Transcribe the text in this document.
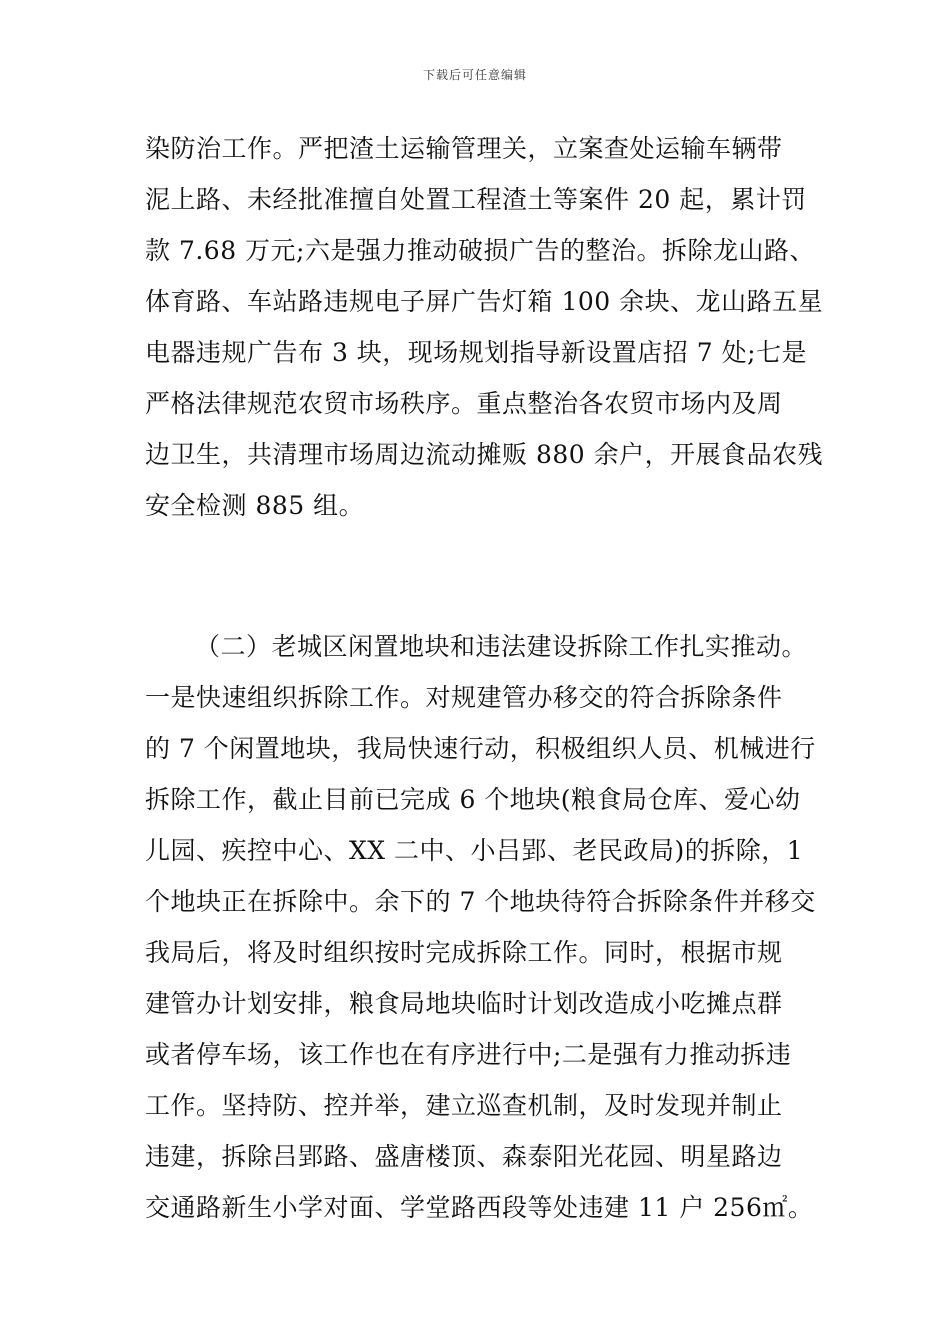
下载后可任意编辑
染防治工作。严把渣土运输管理关，立案查处运输车辆带
泥上路、未经批准擅自处置工程渣土等案件 20 起，累计罚
款 7.68 万元;六是强力推动破损广告的整治。拆除龙山路、
体育路、车站路违规电子屏广告灯箱 100 余块、龙山路五星
电器违规广告布 3 块，现场规划指导新设置店招 7 处;七是
严格法律规范农贸市场秩序。重点整治各农贸市场内及周
边卫生，共清理市场周边流动摊贩 880 余户，开展食品农残
安全检测 885 组。
（二）老城区闲置地块和违法建设拆除工作扎实推动。
一是快速组织拆除工作。对规建管办移交的符合拆除条件
的 7 个闲置地块，我局快速行动，积极组织人员、机械进行
拆除工作，截止目前已完成 6 个地块(粮食局仓库、爱心幼
儿园、疾控中心、XX 二中、小吕郢、老民政局)的拆除，1
个地块正在拆除中。余下的 7 个地块待符合拆除条件并移交
我局后，将及时组织按时完成拆除工作。同时，根据市规
建管办计划安排，粮食局地块临时计划改造成小吃摊点群
或者停车场，该工作也在有序进行中;二是强有力推动拆违
工作。坚持防、控并举，建立巡查机制，及时发现并制止
违建，拆除吕郢路、盛唐楼顶、森泰阳光花园、明星路边
交通路新生小学对面、学堂路西段等处违建 11 户 256㎡。
